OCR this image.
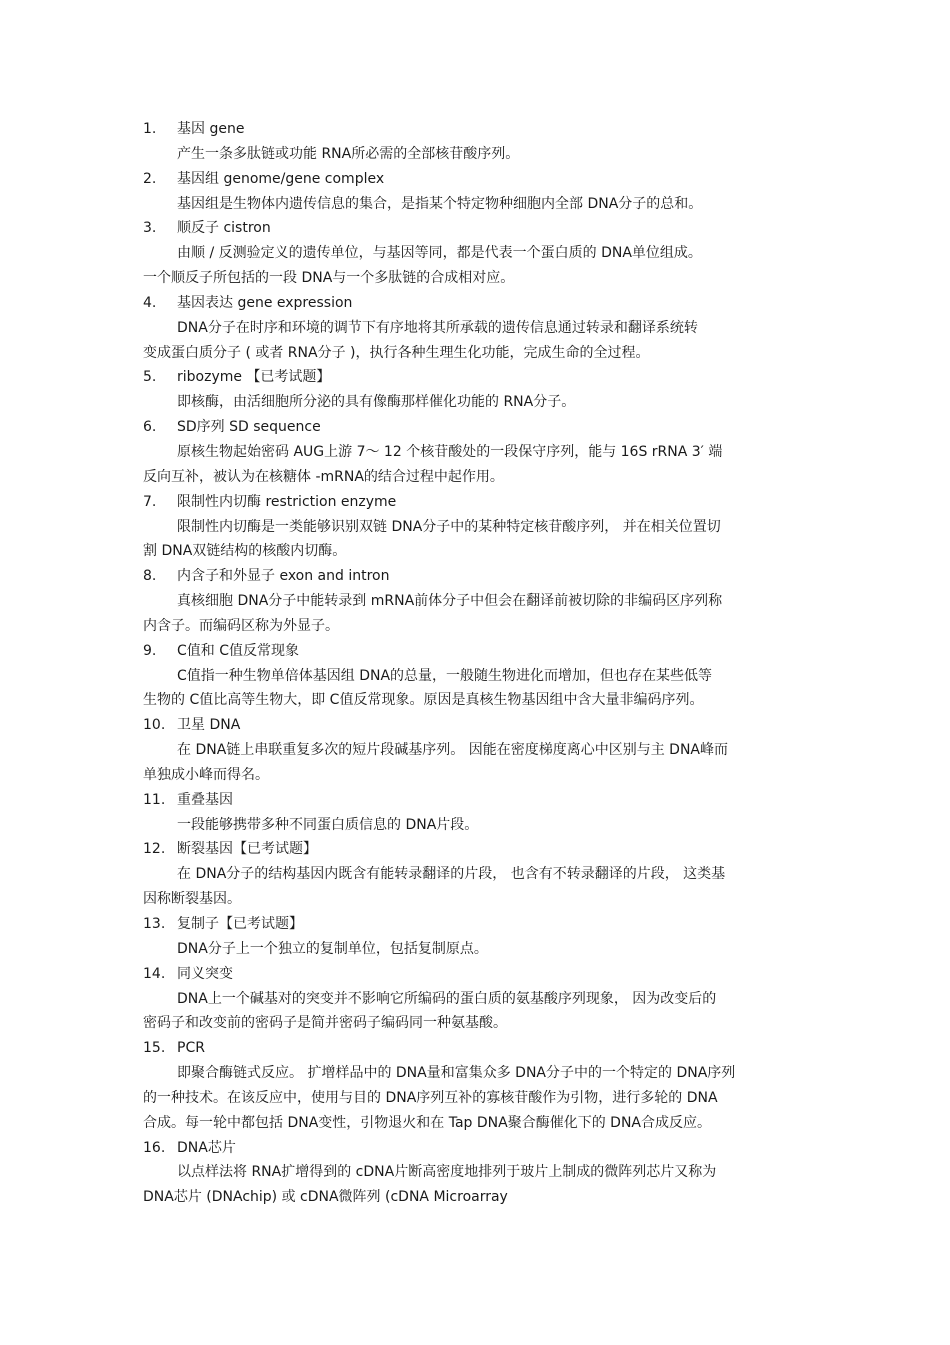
1. 基因 gene
产生一条多肽链或功能 RNA所必需的全部核苷酸序列。
2. 基因组 genome/gene complex
基因组是生物体内遗传信息的集合，是指某个特定物种细胞内全部 DNA分子的总和。
3. 顺反子 cistron
由顺 / 反测验定义的遗传单位，与基因等同，都是代表一个蛋白质的 DNA单位组成。
一个顺反子所包括的一段 DNA与一个多肽链的合成相对应。
4. 基因表达 gene expression
DNA分子在时序和环境的调节下有序地将其所承载的遗传信息通过转录和翻译系统转
变成蛋白质分子 ( 或者 RNA分子 )，执行各种生理生化功能，完成生命的全过程。
5. ribozyme 【已考试题】
即核酶，由活细胞所分泌的具有像酶那样催化功能的 RNA分子。
6. SD序列 SD sequence
原核生物起始密码 AUG上游 7～ 12 个核苷酸处的一段保守序列，能与 16S rRNA 3′ 端
反向互补，被认为在核糖体 -mRNA的结合过程中起作用。
7. 限制性内切酶 restriction enzyme
限制性内切酶是一类能够识别双链 DNA分子中的某种特定核苷酸序列， 并在相关位置切
割 DNA双链结构的核酸内切酶。
8. 内含子和外显子 exon and intron
真核细胞 DNA分子中能转录到 mRNA前体分子中但会在翻译前被切除的非编码区序列称
内含子。而编码区称为外显子。
9. C值和 C值反常现象
C值指一种生物单倍体基因组 DNA的总量，一般随生物进化而增加，但也存在某些低等
生物的 C值比高等生物大，即 C值反常现象。原因是真核生物基因组中含大量非编码序列。
10. 卫星 DNA
在 DNA链上串联重复多次的短片段碱基序列。 因能在密度梯度离心中区别与主 DNA峰而
单独成小峰而得名。
11. 重叠基因
一段能够携带多种不同蛋白质信息的 DNA片段。
12. 断裂基因【已考试题】
在 DNA分子的结构基因内既含有能转录翻译的片段， 也含有不转录翻译的片段， 这类基
因称断裂基因。
13. 复制子【已考试题】
DNA分子上一个独立的复制单位，包括复制原点。
14. 同义突变
DNA上一个碱基对的突变并不影响它所编码的蛋白质的氨基酸序列现象， 因为改变后的
密码子和改变前的密码子是简并密码子编码同一种氨基酸。
15. PCR
即聚合酶链式反应。 扩增样品中的 DNA量和富集众多 DNA分子中的一个特定的 DNA序列
的一种技术。在该反应中，使用与目的 DNA序列互补的寡核苷酸作为引物，进行多轮的 DNA
合成。每一轮中都包括 DNA变性，引物退火和在 Tap DNA聚合酶催化下的 DNA合成反应。
16. DNA芯片
以点样法将 RNA扩增得到的 cDNA片断高密度地排列于玻片上制成的微阵列芯片又称为
DNA芯片 (DNAchip) 或 cDNA微阵列 (cDNA Microarray
